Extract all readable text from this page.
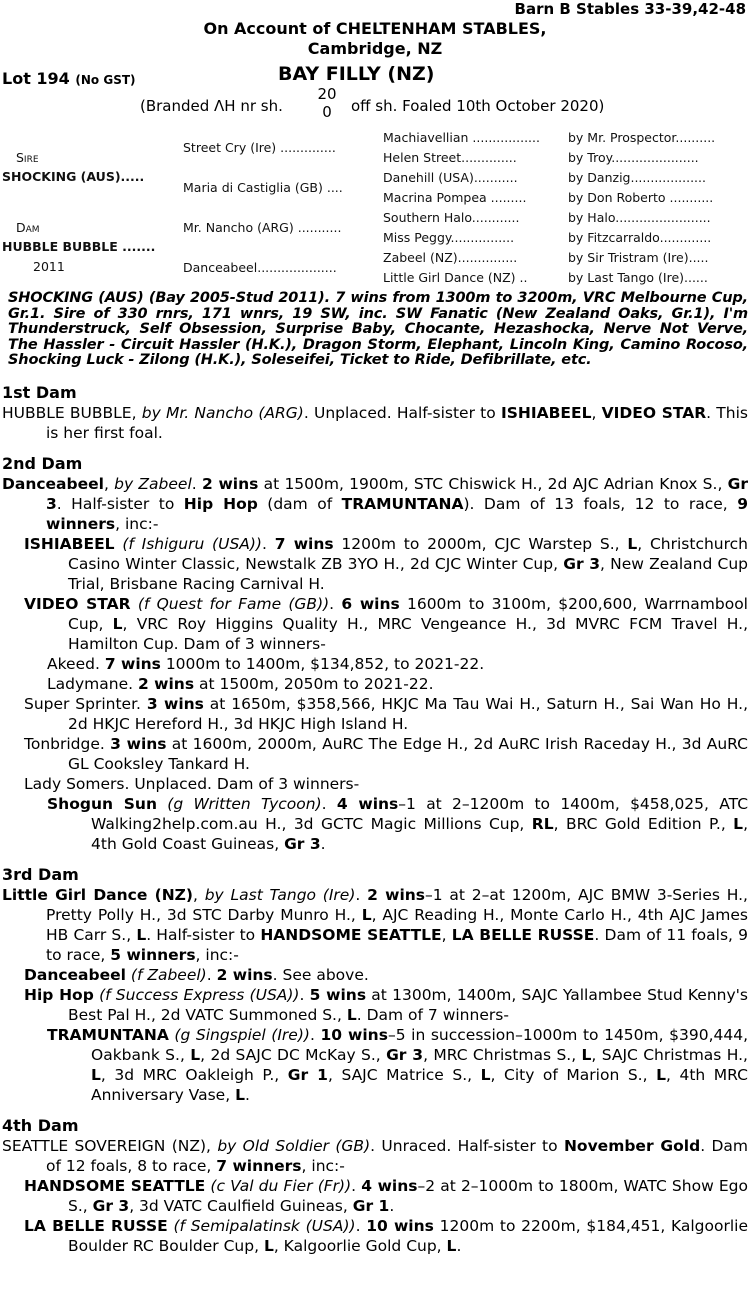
Barn B Stables 33-39,42-48
On Account of CHELTENHAM STABLES,
Cambridge, NZ
Lot 194 (No GST)	BAY FILLY (NZ)
(Branded ɅH nr sh.
20
0	off sh. Foaled 10th October 2020)
Sire
SHOCKING (AUS).....
Dam
HUBBLE BUBBLE .......
2011
Street Cry (Ire) ..............
Maria di Castiglia (GB) ....
Mr. Nancho (ARG) ...........
Danceabeel....................
Machiavellian .................
Helen Street..............
Danehill (USA)...........
Macrina Pompea .........
Southern Halo............
Miss Peggy................
Zabeel (NZ)...............
Little Girl Dance (NZ) ..
by Mr. Prospector..........
by Troy......................
by Danzig...................
by Don Roberto ...........
by Halo........................
by Fitzcarraldo.............
by Sir Tristram (Ire).....
by Last Tango (Ire)......

SHOCKING (AUS) (Bay 2005-Stud 2011). 7 wins from 1300m to 3200m, VRC Melbourne Cup, Gr.1. Sire of 330 rnrs, 171 wnrs, 19 SW, inc. SW Fanatic (New Zealand Oaks, Gr.1), I'm Thunderstruck, Self Obsession, Surprise Baby, Chocante, Hezashocka, Nerve Not Verve, The Hassler - Circuit Hassler (H.K.), Dragon Storm, Elephant, Lincoln King, Camino Rocoso, Shocking Luck - Zilong (H.K.), Soleseifei, Ticket to Ride, Defibrillate, etc.

1st Dam

HUBBLE BUBBLE, by Mr. Nancho (ARG). Unplaced. Half-sister to ISHIABEEL, VIDEO STAR. This is her first foal.

2nd Dam

Danceabeel, by Zabeel. 2 wins at 1500m, 1900m, STC Chiswick H., 2d AJC Adrian Knox S., Gr 3. Half-sister to Hip Hop (dam of TRAMUNTANA). Dam of 13 foals, 12 to race, 9 winners, inc:-

ISHIABEEL (f Ishiguru (USA)). 7 wins 1200m to 2000m, CJC Warstep S., L, Christchurch Casino Winter Classic, Newstalk ZB 3YO H., 2d CJC Winter Cup, Gr 3, New Zealand Cup Trial, Brisbane Racing Carnival H.

VIDEO STAR (f Quest for Fame (GB)). 6 wins 1600m to 3100m, $200,600, Warrnambool Cup, L, VRC Roy Higgins Quality H., MRC Vengeance H., 3d MVRC FCM Travel H., Hamilton Cup. Dam of 3 winners-

Akeed. 7 wins 1000m to 1400m, $134,852, to 2021-22.

Ladymane. 2 wins at 1500m, 2050m to 2021-22.

Super Sprinter. 3 wins at 1650m, $358,566, HKJC Ma Tau Wai H., Saturn H., Sai Wan Ho H., 2d HKJC Hereford H., 3d HKJC High Island H.

Tonbridge. 3 wins at 1600m, 2000m, AuRC The Edge H., 2d AuRC Irish Raceday H., 3d AuRC GL Cooksley Tankard H.

Lady Somers. Unplaced. Dam of 3 winners-

Shogun Sun (g Written Tycoon). 4 wins–1 at 2–1200m to 1400m, $458,025, ATC Walking2help.com.au H., 3d GCTC Magic Millions Cup, RL, BRC Gold Edition P., L, 4th Gold Coast Guineas, Gr 3.

3rd Dam

Little Girl Dance (NZ), by Last Tango (Ire). 2 wins–1 at 2–at 1200m, AJC BMW 3-Series H., Pretty Polly H., 3d STC Darby Munro H., L, AJC Reading H., Monte Carlo H., 4th AJC James HB Carr S., L. Half-sister to HANDSOME SEATTLE, LA BELLE RUSSE. Dam of 11 foals, 9 to race, 5 winners, inc:-

Danceabeel (f Zabeel). 2 wins. See above.

Hip Hop (f Success Express (USA)). 5 wins at 1300m, 1400m, SAJC Yallambee Stud Kenny's Best Pal H., 2d VATC Summoned S., L. Dam of 7 winners-

TRAMUNTANA (g Singspiel (Ire)). 10 wins–5 in succession–1000m to 1450m, $390,444, Oakbank S., L, 2d SAJC DC McKay S., Gr 3, MRC Christmas S., L, SAJC Christmas H., L, 3d MRC Oakleigh P., Gr 1, SAJC Matrice S., L, City of Marion S., L, 4th MRC Anniversary Vase, L.

4th Dam

SEATTLE SOVEREIGN (NZ), by Old Soldier (GB). Unraced. Half-sister to November Gold. Dam of 12 foals, 8 to race, 7 winners, inc:-

HANDSOME SEATTLE (c Val du Fier (Fr)). 4 wins–2 at 2–1000m to 1800m, WATC Show Ego S., Gr 3, 3d VATC Caulfield Guineas, Gr 1.

LA BELLE RUSSE (f Semipalatinsk (USA)). 10 wins 1200m to 2200m, $184,451, Kalgoorlie Boulder RC Boulder Cup, L, Kalgoorlie Gold Cup, L.
